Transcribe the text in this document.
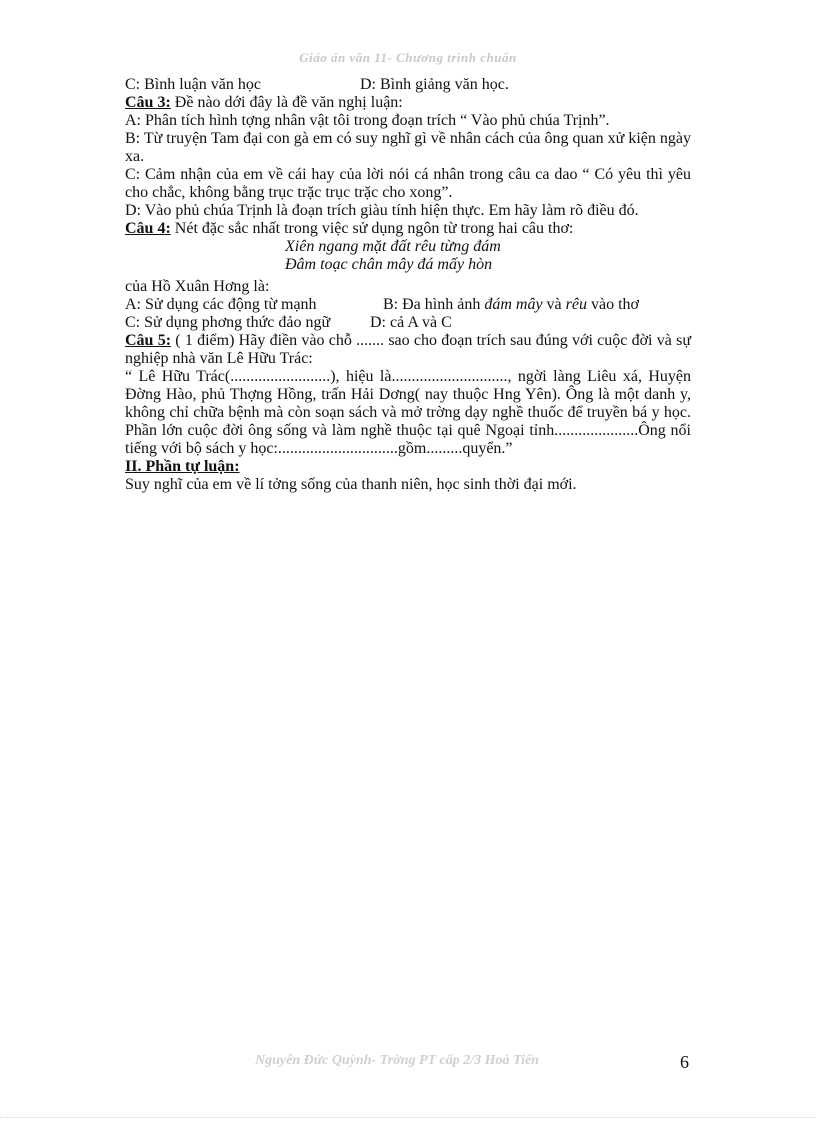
Giáo án văn 11- Chương trình chuẩn

C: Bình luận văn học	D: Bình giảng văn học.

Câu 3: Đề nào dới đây là đề văn nghị luận:

A: Phân tích hình tợng nhân vật tôi trong đoạn trích “ Vào phủ chúa Trịnh”.

B: Từ truyện Tam đại con gà em có suy nghĩ gì về nhân cách của ông quan xử kiện ngày xa.

C: Cảm nhận của em về cái hay của lời nói cá nhân trong câu ca dao “ Có yêu thì yêu cho chắc, không bằng trục trặc trục trặc cho xong”.

D: Vào phủ chúa Trịnh là đoạn trích giàu tính hiện thực. Em hãy làm rõ điều đó.

Câu 4: Nét đặc sắc nhất trong việc sử dụng ngôn từ trong hai câu thơ:

Xiên ngang mặt đất rêu từng đám

Đâm toạc chân mây đá mấy hòn

của Hồ Xuân Hơng là:

A: Sử dụng các động từ mạnh	B: Đa hình ảnh đám mây và rêu vào thơ

C: Sử dụng phơng thức đảo ngữ	D: cả A và C

Câu 5: ( 1 điểm) Hãy điền vào chỗ ....... sao cho đoạn trích sau đúng với cuộc đời và sự nghiệp nhà văn Lê Hữu Trác:

“ Lê Hữu Trác(.........................), hiệu là............................., ngời làng Liêu xá, Huyện Đờng Hào, phủ Thợng Hồng, trấn Hải Dơng( nay thuộc Hng Yên). Ông là một danh y, không chỉ chữa bệnh mà còn soạn sách và mở trờng dạy nghề thuốc để truyền bá y học. Phần lớn cuộc đời ông sống và làm nghề thuộc tại quê Ngoại tỉnh.....................Ông nổi tiếng với bộ sách y học:..............................gồm.........quyển.”

II. Phần tự luận:

Suy nghĩ của em về lí tởng sống của thanh niên, học sinh thời đại mới.

Nguyễn Đức Quỳnh- Trờng PT cấp 2/3 Hoà Tiến	6
